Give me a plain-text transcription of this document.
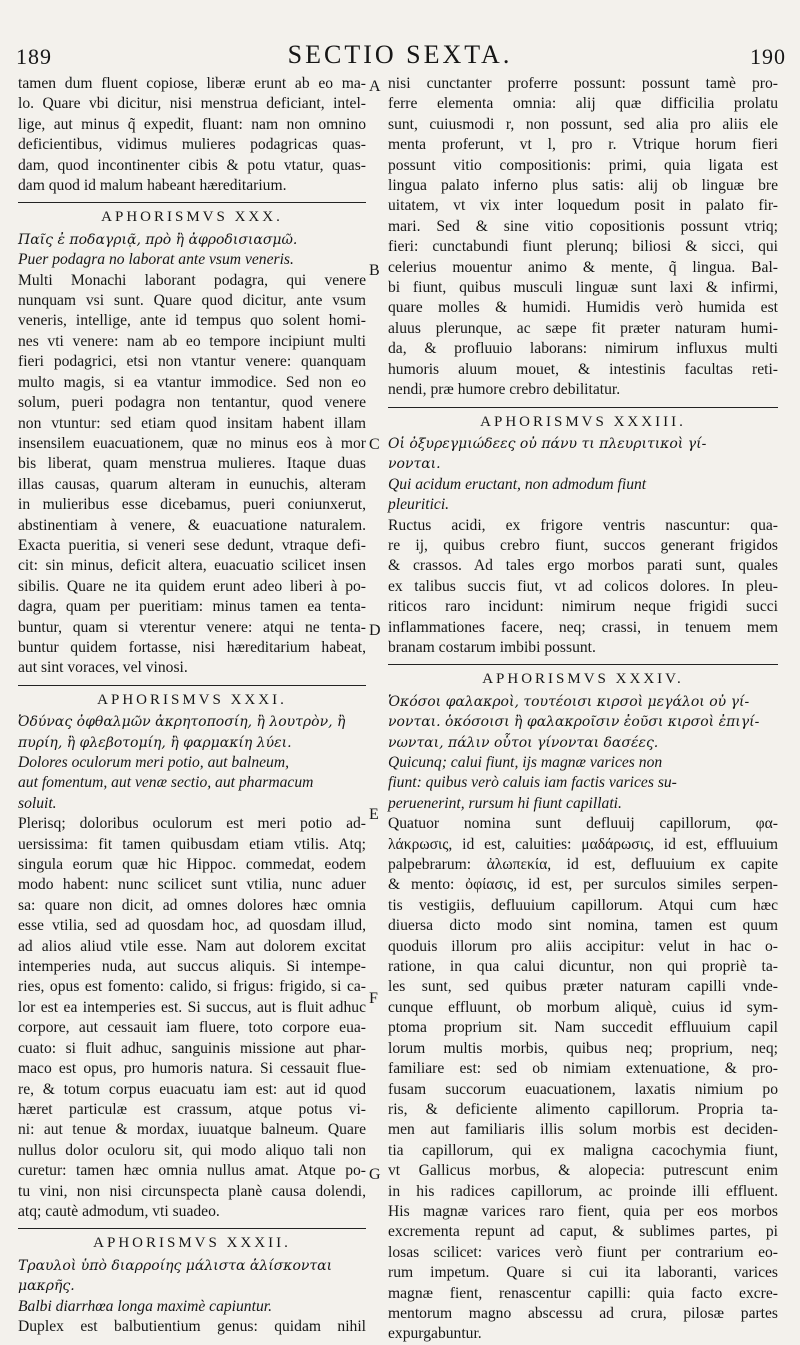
189	SECTIO SEXTA.	190
A
B
C
D
E
F
G
tamen dum fluent copiose, liberæ erunt ab eo ma-
lo. Quare vbi dicitur, nisi menstrua deficiant, intel-
lige, aut minus q̃ expedit, fluant: nam non omnino
deficientibus, vidimus mulieres podagricas quas-
dam, quod incontinenter cibis & potu vtatur, quas-
dam quod id malum habeant hæreditarium.
APHORISMVS XXX.
Παῖς ἐ ποδαγριᾷ, πρὸ ἢ ἀφροδισιασμῶ.
Puer podagra no laborat ante vsum veneris.
Multi Monachi laborant podagra, qui venere
nunquam vsi sunt. Quare quod dicitur, ante vsum
veneris, intellige, ante id tempus quo solent homi-
nes vti venere: nam ab eo tempore incipiunt multi
fieri podagrici, etsi non vtantur venere: quanquam
multo magis, si ea vtantur immodice. Sed non eo
solum, pueri podagra non tentantur, quod venere
non vtuntur: sed etiam quod insitam habent illam
insensilem euacuationem, quæ no minus eos à mor
bis liberat, quam menstrua mulieres. Itaque duas
illas causas, quarum alteram in eunuchis, alteram
in mulieribus esse dicebamus, pueri coniunxerut,
abstinentiam à venere, & euacuatione naturalem.
Exacta pueritia, si veneri sese dedunt, vtraque defi-
cit: sin minus, deficit altera, euacuatio scilicet insen
sibilis. Quare ne ita quidem erunt adeo liberi à po-
dagra, quam per pueritiam: minus tamen ea tenta-
buntur, quam si vterentur venere: atqui ne tenta-
buntur quidem fortasse, nisi hæreditarium habeat,
aut sint voraces, vel vinosi.
APHORISMVS XXXI.
Ὀδύνας ὀφθαλμῶν ἀκρητοποσίη, ἢ λουτρὸν, ἢ
πυρίη, ἢ φλεβοτομίη, ἢ φαρμακίη λύει.
Dolores oculorum meri potio, aut balneum,
aut fomentum, aut venæ sectio, aut pharmacum
soluit.
Plerisq; doloribus oculorum est meri potio ad-
uersissima: fit tamen quibusdam etiam vtilis. Atq;
singula eorum quæ hic Hippoc. commedat, eodem
modo habent: nunc scilicet sunt vtilia, nunc aduer
sa: quare non dicit, ad omnes dolores hæc omnia
esse vtilia, sed ad quosdam hoc, ad quosdam illud,
ad alios aliud vtile esse. Nam aut dolorem excitat
intemperies nuda, aut succus aliquis. Si intempe-
ries, opus est fomento: calido, si frigus: frigido, si ca-
lor est ea intemperies est. Si succus, aut is fluit adhuc
corpore, aut cessauit iam fluere, toto corpore eua-
cuato: si fluit adhuc, sanguinis missione aut phar-
maco est opus, pro humoris natura. Si cessauit flue-
re, & totum corpus euacuatu iam est: aut id quod
hæret particulæ est crassum, atque potus vi-
ni: aut tenue & mordax, iuuatque balneum. Quare
nullus dolor oculoru sit, qui modo aliquo tali non
curetur: tamen hæc omnia nullus amat. Atque po-
tu vini, non nisi circunspecta planè causa dolendi,
atq; cautè admodum, vti suadeo.
APHORISMVS XXXII.
Τραυλοὶ ὑπὸ διαρροίης μάλιστα ἁλίσκονται
μακρῆς.
Balbi diarrhœa longa maximè capiuntur.
Duplex est balbutientium genus: quidam nihil
nisi cunctanter proferre possunt: possunt tamè pro-
ferre elementa omnia: alij quæ difficilia prolatu
sunt, cuiusmodi r, non possunt, sed alia pro aliis ele
menta proferunt, vt l, pro r. Vtrique horum fieri
possunt vitio compositionis: primi, quia ligata est
lingua palato inferno plus satis: alij ob linguæ bre
uitatem, vt vix inter loquedum posit in palato fir-
mari. Sed & sine vitio copositionis possunt vtriq;
fieri: cunctabundi fiunt plerunq; biliosi & sicci, qui
celerius mouentur animo & mente, q̃ lingua. Bal-
bi fiunt, quibus musculi linguæ sunt laxi & infirmi,
quare molles & humidi. Humidis verò humida est
aluus plerunque, ac sæpe fit præter naturam humi-
da, & profluuio laborans: nimirum influxus multi
humoris aluum mouet, & intestinis facultas reti-
nendi, præ humore crebro debilitatur.
APHORISMVS XXXIII.
Οἱ ὀξυρεγμιώδεες οὐ πάνυ τι πλευριτικοὶ γί-
νονται.
Qui acidum eructant, non admodum fiunt
pleuritici.
Ructus acidi, ex frigore ventris nascuntur: qua-
re ij, quibus crebro fiunt, succos generant frigidos
& crassos. Ad tales ergo morbos parati sunt, quales
ex talibus succis fiut, vt ad colicos dolores. In pleu-
riticos raro incidunt: nimirum neque frigidi succi
inflammationes facere, neq; crassi, in tenuem mem
branam costarum imbibi possunt.
APHORISMVS XXXIV.
Ὁκόσοι φαλακροὶ, τουτέοισι κιρσοὶ μεγάλοι οὐ γί-
νονται. ὁκόσοισι ἢ φαλακροῖσιν ἐοῦσι κιρσοὶ ἐπιγί-
νωνται, πάλιν οὗτοι γίνονται δασέες.
Quicunq; calui fiunt, ijs magnæ varices non
fiunt: quibus verò caluis iam factis varices su-
peruenerint, rursum hi fiunt capillati.
Quatuor nomina sunt defluuij capillorum, φα-
λάκρωσις, id est, caluities: μαδάρωσις, id est, effluuium
palpebrarum: ἀλωπεκία, id est, defluuium ex capite
& mento: ὀφίασις, id est, per surculos similes serpen-
tis vestigiis, defluuium capillorum. Atqui cum hæc
diuersa dicto modo sint nomina, tamen est quum
quoduis illorum pro aliis accipitur: velut in hac o-
ratione, in qua calui dicuntur, non qui propriè ta-
les sunt, sed quibus præter naturam capilli vnde-
cunque effluunt, ob morbum aliquè, cuius id sym-
ptoma proprium sit. Nam succedit effluuium capil
lorum multis morbis, quibus neq; proprium, neq;
familiare est: sed ob nimiam extenuatione, & pro-
fusam succorum euacuationem, laxatis nimium po
ris, & deficiente alimento capillorum. Propria ta-
men aut familiaris illis solum morbis est deciden-
tia capillorum, qui ex maligna cacochymia fiunt,
vt Gallicus morbus, & alopecia: putrescunt enim
in his radices capillorum, ac proinde illi effluent.
His magnæ varices raro fient, quia per eos morbos
excrementa repunt ad caput, & sublimes partes, pi
losas scilicet: varices verò fiunt per contrarium eo-
rum impetum. Quare si cui ita laboranti, varices
magnæ fient, renascentur capilli: quia facto excre-
mentorum magno abscessu ad crura, pilosæ partes
expurgabuntur.
